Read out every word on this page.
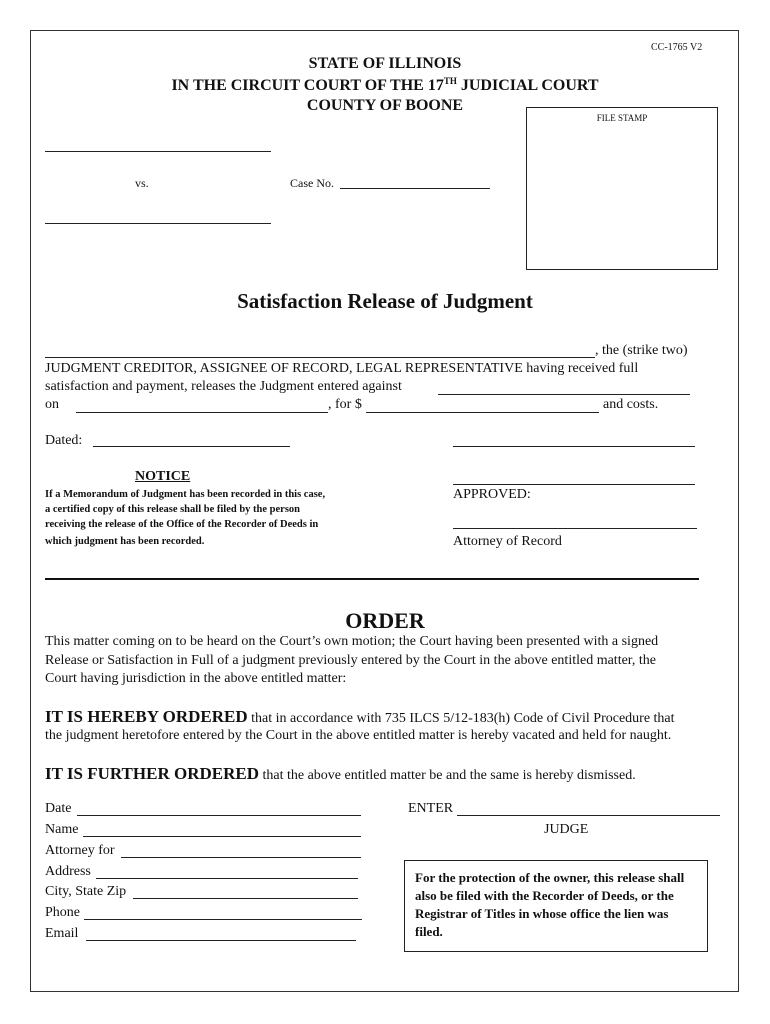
CC-1765 V2
STATE OF ILLINOIS
IN THE CIRCUIT COURT OF THE 17TH JUDICIAL COURT
COUNTY OF BOONE
FILE STAMP
vs.	Case No.
Satisfaction Release of Judgment
, the (strike two)
JUDGMENT CREDITOR, ASSIGNEE OF RECORD, LEGAL REPRESENTATIVE having received full
satisfaction and payment, releases the Judgment entered against
on	, for $	and costs.
Dated:
NOTICE
If a Memorandum of Judgment has been recorded in this case,
a certified copy of this release shall be filed by the person
receiving the release of the Office of the Recorder of Deeds in
which judgment has been recorded.
APPROVED:
Attorney of Record
ORDER
This matter coming on to be heard on the Court’s own motion; the Court having been presented with a signed
Release or Satisfaction in Full of a judgment previously entered by the Court in the above entitled matter, the
Court having jurisdiction in the above entitled matter:
IT IS HEREBY ORDERED that in accordance with 735 ILCS 5/12-183(h) Code of Civil Procedure that
the judgment heretofore entered by the Court in the above entitled matter is hereby vacated and held for naught.
IT IS FURTHER ORDERED that the above entitled matter be and the same is hereby dismissed.
Date
Name
Attorney for
Address
City, State Zip
Phone
Email
ENTER
JUDGE
For the protection of the owner, this release shall also be filed with the Recorder of Deeds, or the Registrar of Titles in whose office the lien was filed.
